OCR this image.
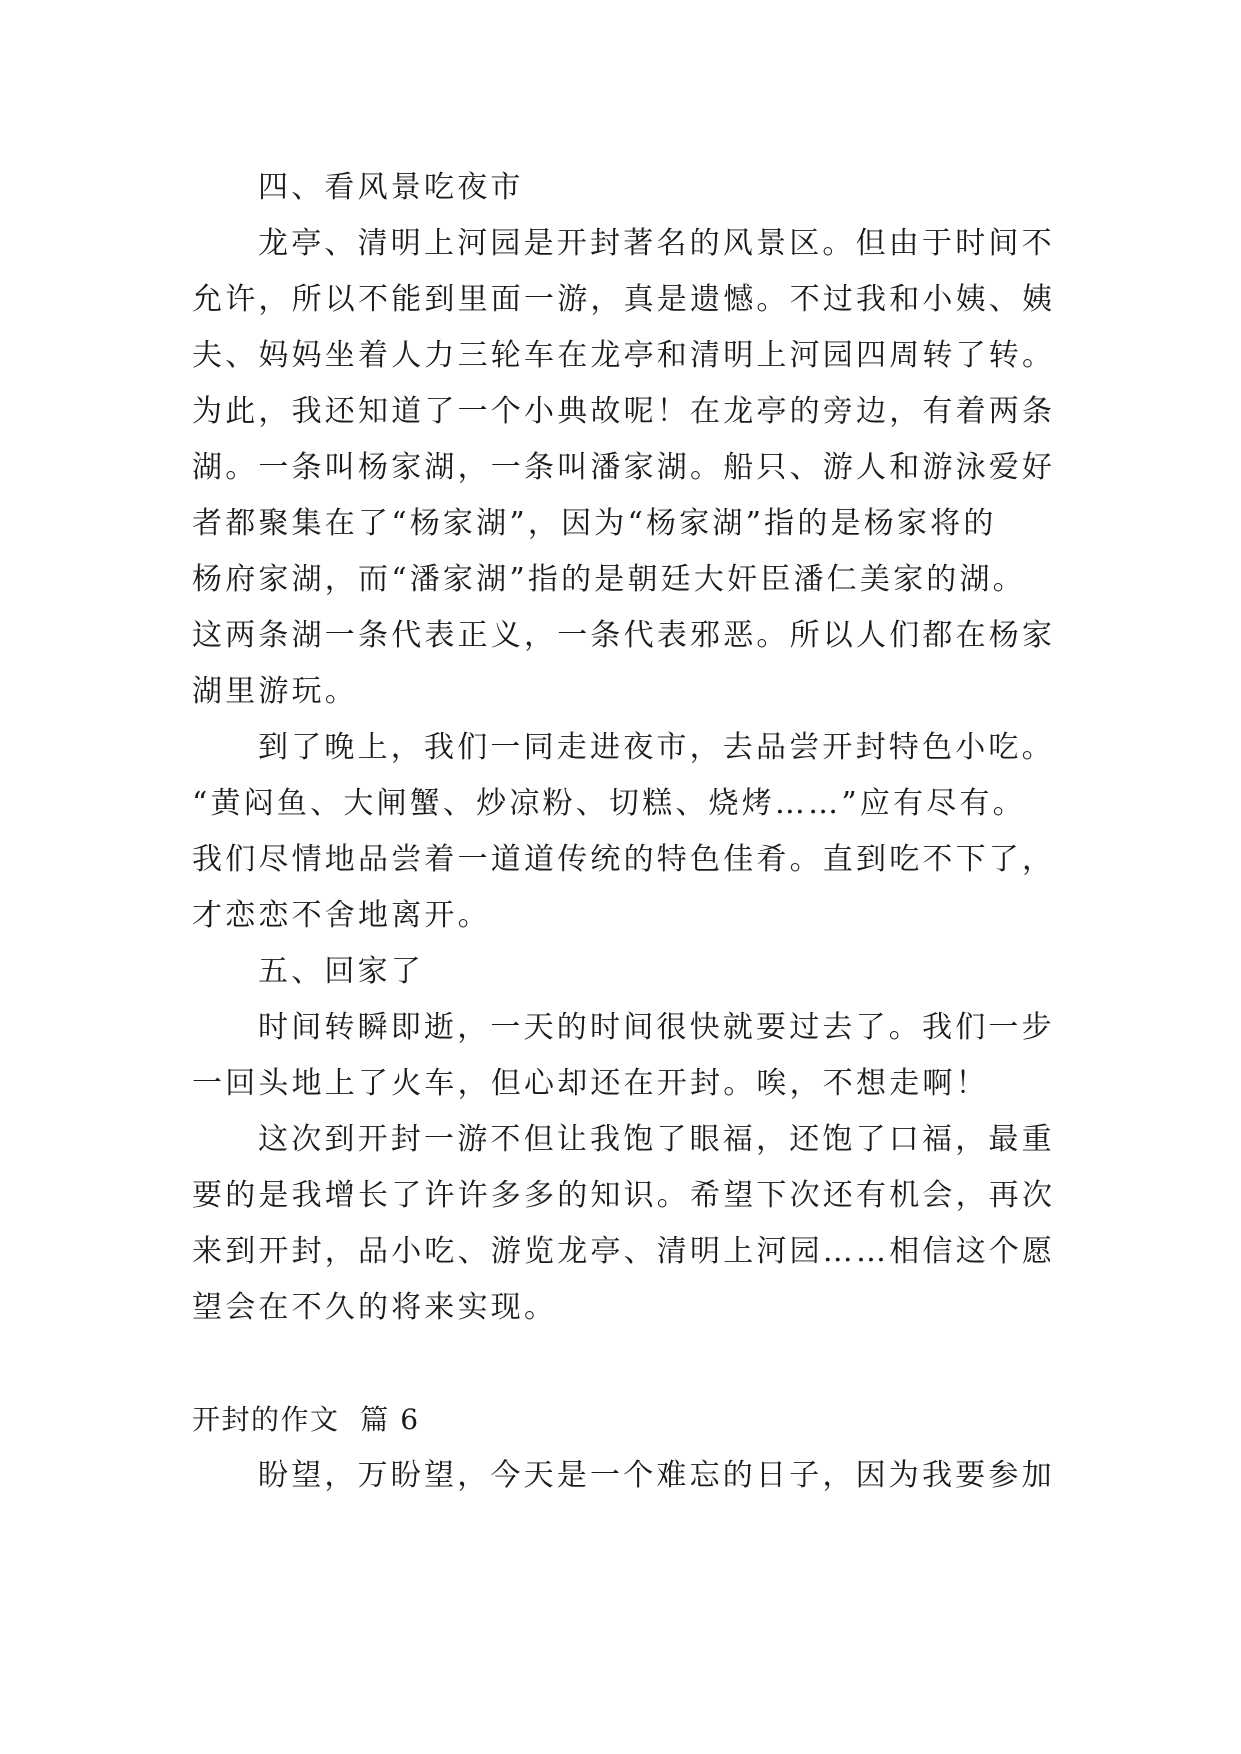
四、看风景吃夜市
龙亭、清明上河园是开封著名的风景区。但由于时间不
允许，所以不能到里面一游，真是遗憾。不过我和小姨、姨
夫、妈妈坐着人力三轮车在龙亭和清明上河园四周转了转。
为此，我还知道了一个小典故呢！在龙亭的旁边，有着两条
湖。一条叫杨家湖，一条叫潘家湖。船只、游人和游泳爱好
者都聚集在了“杨家湖”，因为“杨家湖”指的是杨家将的
杨府家湖，而“潘家湖”指的是朝廷大奸臣潘仁美家的湖。
这两条湖一条代表正义，一条代表邪恶。所以人们都在杨家
湖里游玩。
到了晚上，我们一同走进夜市，去品尝开封特色小吃。
“黄闷鱼、大闸蟹、炒凉粉、切糕、烧烤……”应有尽有。
我们尽情地品尝着一道道传统的特色佳肴。直到吃不下了，
才恋恋不舍地离开。
五、回家了
时间转瞬即逝，一天的时间很快就要过去了。我们一步
一回头地上了火车，但心却还在开封。唉，不想走啊！
这次到开封一游不但让我饱了眼福，还饱了口福，最重
要的是我增长了许许多多的知识。希望下次还有机会，再次
来到开封，品小吃、游览龙亭、清明上河园……相信这个愿
望会在不久的将来实现。
开封的作文  篇 6
盼望，万盼望，今天是一个难忘的日子，因为我要参加
